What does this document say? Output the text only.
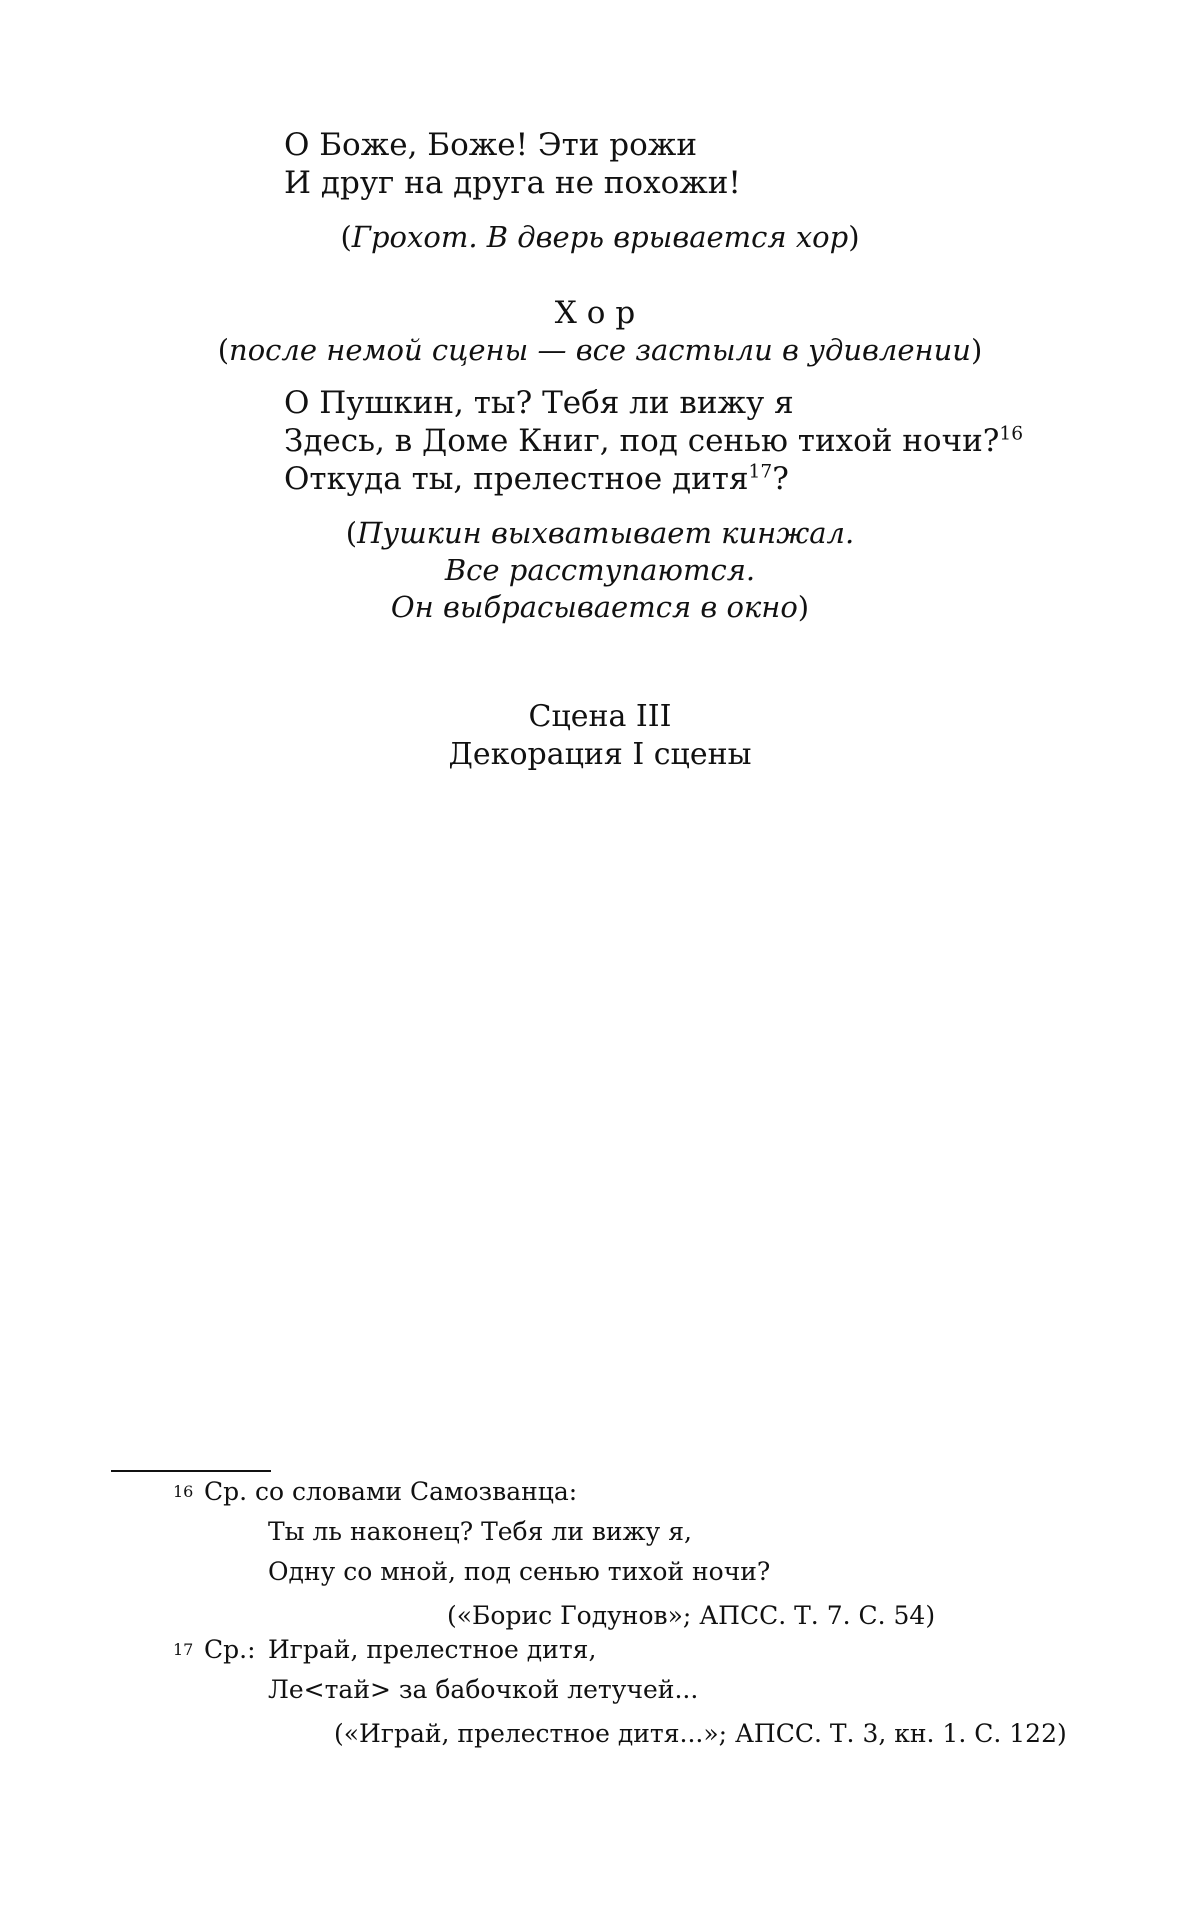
О Боже, Боже! Эти рожи

И друг на друга не похожи!

(Грохот. В дверь врывается хор)

Хор

(после немой сцены — все застыли в удивлении)

О Пушкин, ты? Тебя ли вижу я

Здесь, в Доме Книг, под сенью тихой ночи?$^{16}$

Откуда ты, прелестное дитя$^{17}$?

(Пушкин выхватывает кинжал.

Все расступаются.

Он выбрасывается в окно)

Сцена III

Декорация I сцены

16 Ср. со словами Самозванца:

Ты ль наконец? Тебя ли вижу я,

Одну со мной, под сенью тихой ночи?

(«Борис Годунов»; АПСС. Т. 7. С. 54)

17 Ср.: Играй, прелестное дитя,

Ле<тай> за бабочкой летучей...

(«Играй, прелестное дитя...»; АПСС. Т. 3, кн. 1. С. 122)
